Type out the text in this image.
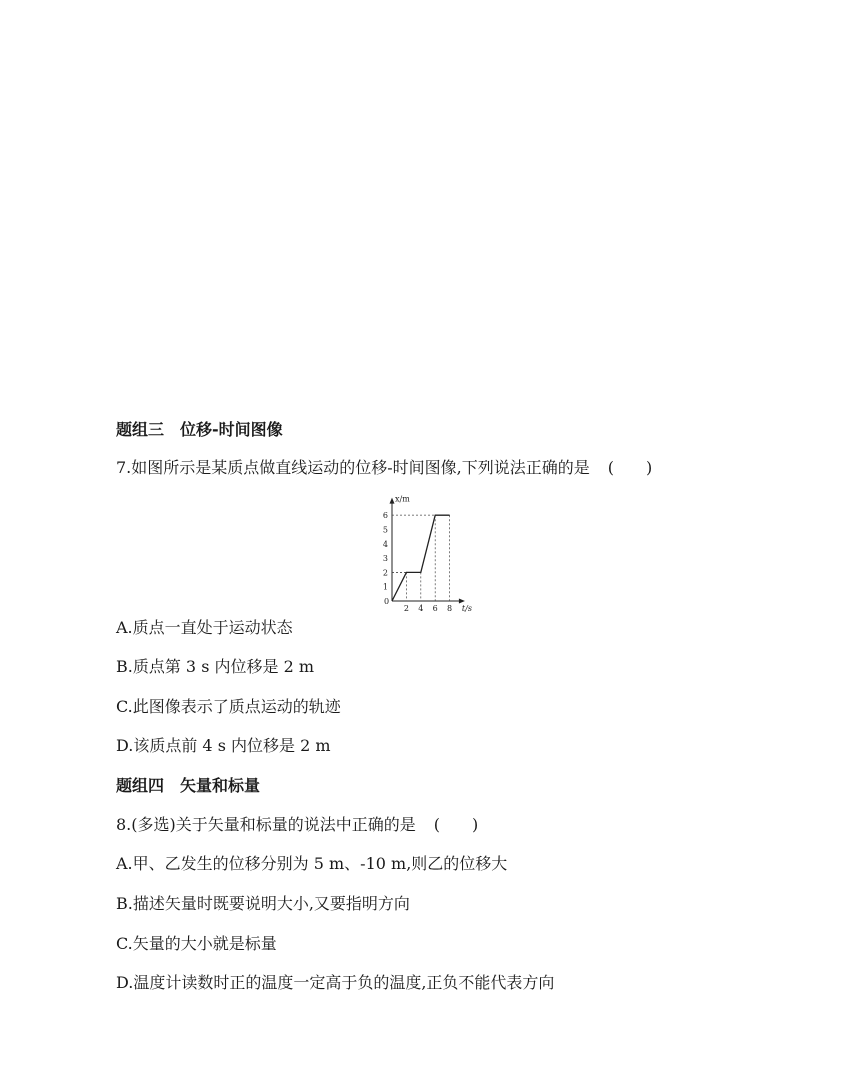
题组三　位移-时间图像
7.如图所示是某质点做直线运动的位移-时间图像,下列说法正确的是 (　　)
1
2
3
4
5
6
2 4 6 8
x/m
t/s
0
A.质点一直处于运动状态
B.质点第 3 s 内位移是 2 m
C.此图像表示了质点运动的轨迹
D.该质点前 4 s 内位移是 2 m
题组四　矢量和标量
8.(多选)关于矢量和标量的说法中正确的是 (　　)
A.甲、乙发生的位移分别为 5 m、-10 m,则乙的位移大
B.描述矢量时既要说明大小,又要指明方向
C.矢量的大小就是标量
D.温度计读数时正的温度一定高于负的温度,正负不能代表方向
